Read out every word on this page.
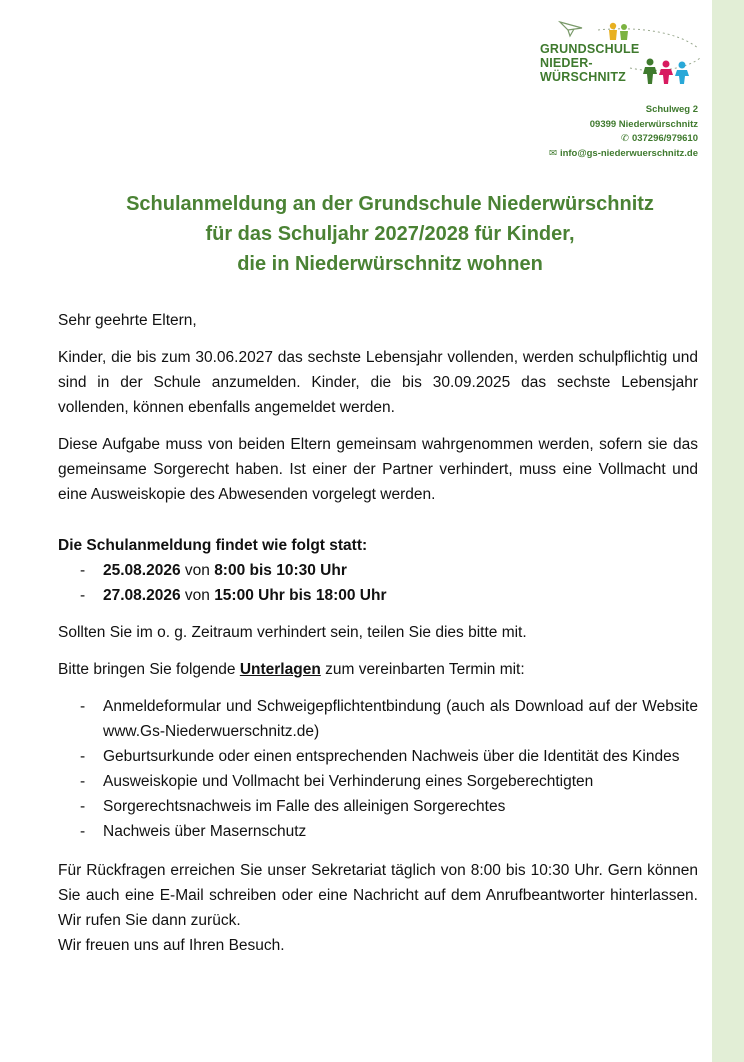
GRUNDSCHULE
NIEDER-
WÜRSCHNITZ
Schulweg 2
09399 Niederwürschnitz
✆ 037296/979610
✉ info@gs-niederwuerschnitz.de
Schulanmeldung an der Grundschule Niederwürschnitz
für das Schuljahr 2027/2028 für Kinder,
die in Niederwürschnitz wohnen

Sehr geehrte Eltern,

Kinder, die bis zum 30.06.2027 das sechste Lebensjahr vollenden, werden schulpflichtig und sind in der Schule anzumelden. Kinder, die bis 30.09.2025 das sechste Lebensjahr vollenden, können ebenfalls angemeldet werden.

Diese Aufgabe muss von beiden Eltern gemeinsam wahrgenommen werden, sofern sie das gemeinsame Sorgerecht haben. Ist einer der Partner verhindert, muss eine Vollmacht und eine Ausweiskopie des Abwesenden vorgelegt werden.

Die Schulanmeldung findet wie folgt statt:

- 25.08.2026 von 8:00 bis 10:30 Uhr
- 27.08.2026 von 15:00 Uhr bis 18:00 Uhr

Sollten Sie im o. g. Zeitraum verhindert sein, teilen Sie dies bitte mit.

Bitte bringen Sie folgende Unterlagen zum vereinbarten Termin mit:

- Anmeldeformular und Schweigepflichtentbindung (auch als Download auf der Website www.Gs-Niederwuerschnitz.de)
- Geburtsurkunde oder einen entsprechenden Nachweis über die Identität des Kindes
- Ausweiskopie und Vollmacht bei Verhinderung eines Sorgeberechtigten
- Sorgerechtsnachweis im Falle des alleinigen Sorgerechtes
- Nachweis über Masernschutz

Für Rückfragen erreichen Sie unser Sekretariat täglich von 8:00 bis 10:30 Uhr. Gern können Sie auch eine E-Mail schreiben oder eine Nachricht auf dem Anrufbeantworter hinterlassen. Wir rufen Sie dann zurück.

Wir freuen uns auf Ihren Besuch.
